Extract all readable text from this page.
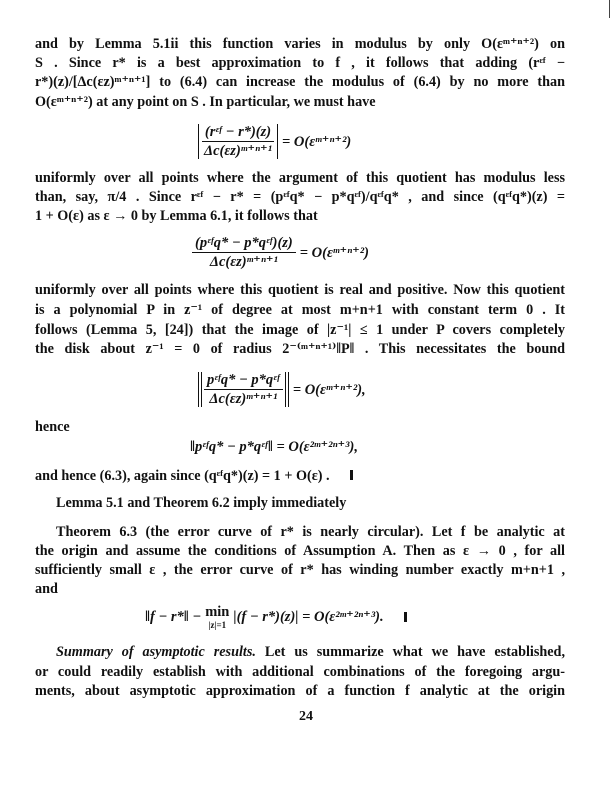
and by Lemma 5.1ii this function varies in modulus by only O(εᵐ⁺ⁿ⁺²) on
S . Since r* is a best approximation to f , it follows that adding (rᵋᶠ −
r*)(z)/[Δc(εz)ᵐ⁺ⁿ⁺¹] to (6.4) can increase the modulus of (6.4) by no more than
O(εᵐ⁺ⁿ⁺²) at any point on S . In particular, we must have
$\frac{\text{(rᵋᶠ − r*)(z)}}{\text{Δc(εz)ᵐ⁺ⁿ⁺¹}}$ = O(εᵐ⁺ⁿ⁺²)
uniformly over all points where the argument of this quotient has modulus less
than, say, π/4 . Since rᵋᶠ − r* = (pᵋᶠq* − p*qᵋᶠ)/qᵋᶠq* , and since (qᵋᶠq*)(z) =
1 + O(ε) as ε → 0 by Lemma 6.1, it follows that
$\frac{\text{(pᵋᶠq* − p*qᵋᶠ)(z)}}{\text{Δc(εz)ᵐ⁺ⁿ⁺¹}}$ = O(εᵐ⁺ⁿ⁺²)
uniformly over all points where this quotient is real and positive. Now this quotient
is a polynomial P in z⁻¹ of degree at most m+n+1 with constant term 0 . It
follows (Lemma 5, [24]) that the image of |z⁻¹| ≤ 1 under P covers completely
the disk about z⁻¹ = 0 of radius 2⁻⁽ᵐ⁺ⁿ⁺¹⁾‖P‖ . This necessitates the bound
$\frac{\text{pᵋᶠq* − p*qᵋᶠ}}{\text{Δc(εz)ᵐ⁺ⁿ⁺¹}}$ = O(εᵐ⁺ⁿ⁺²),
hence
‖pᵋᶠq* − p*qᵋᶠ‖ = O(ε²ᵐ⁺²ⁿ⁺³),
and hence (6.3), again since (qᵋᶠq*)(z) = 1 + O(ε) .
Lemma 5.1 and Theorem 6.2 imply immediately
Theorem 6.3 (the error curve of r* is nearly circular). Let f be analytic at
the origin and assume the conditions of Assumption A. Then as ε → 0 , for all
sufficiently small ε , the error curve of r* has winding number exactly m+n+1 ,
and
‖f − r*‖ − min
|z|=1
|(f − r*)(z)| = O(ε²ᵐ⁺²ⁿ⁺³).
Summary of asymptotic results. Let us summarize what we have established,
or could readily establish with additional combinations of the foregoing argu-
ments, about asymptotic approximation of a function f analytic at the origin
24
